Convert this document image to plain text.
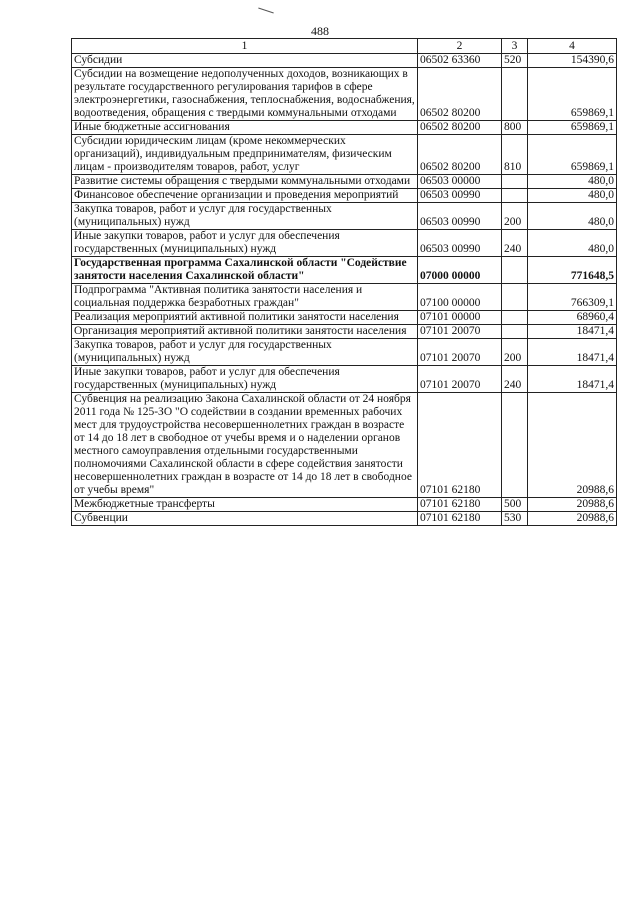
488
1	2	3	4
Субсидии	06502 63360	520	154390,6
Субсидии на возмещение недополученных доходов, возникающих в результате государственного регулирования тарифов в сфере электроэнергетики, газоснабжения, теплоснабжения, водоснабжения, водоотведения, обращения с твердыми коммунальными отходами	06502 80200		659869,1
Иные бюджетные ассигнования	06502 80200	800	659869,1
Субсидии юридическим лицам (кроме некоммерческих организаций), индивидуальным предпринимателям, физическим лицам - производителям товаров, работ, услуг	06502 80200	810	659869,1
Развитие системы обращения с твердыми коммунальными отходами	06503 00000		480,0
Финансовое обеспечение организации и проведения мероприятий	06503 00990		480,0
Закупка товаров, работ и услуг для государственных (муниципальных) нужд	06503 00990	200	480,0
Иные закупки товаров, работ и услуг для обеспечения государственных (муниципальных) нужд	06503 00990	240	480,0
Государственная программа Сахалинской области "Содействие занятости населения Сахалинской области"	07000 00000		771648,5
Подпрограмма "Активная политика занятости населения и социальная поддержка безработных граждан"	07100 00000		766309,1
Реализация мероприятий активной политики занятости населения	07101 00000		68960,4
Организация мероприятий активной политики занятости населения	07101 20070		18471,4
Закупка товаров, работ и услуг для государственных (муниципальных) нужд	07101 20070	200	18471,4
Иные закупки товаров, работ и услуг для обеспечения государственных (муниципальных) нужд	07101 20070	240	18471,4
Субвенция на реализацию Закона Сахалинской области от 24 ноября 2011 года № 125-ЗО "О содействии в создании временных рабочих мест для трудоустройства несовершеннолетних граждан в возрасте от 14 до 18 лет в свободное от учебы время и о наделении органов местного самоуправления отдельными государственными полномочиями Сахалинской области в сфере содействия занятости несовершеннолетних граждан в возрасте от 14 до 18 лет в свободное от учебы время"	07101 62180		20988,6
Межбюджетные трансферты	07101 62180	500	20988,6
Субвенции	07101 62180	530	20988,6
